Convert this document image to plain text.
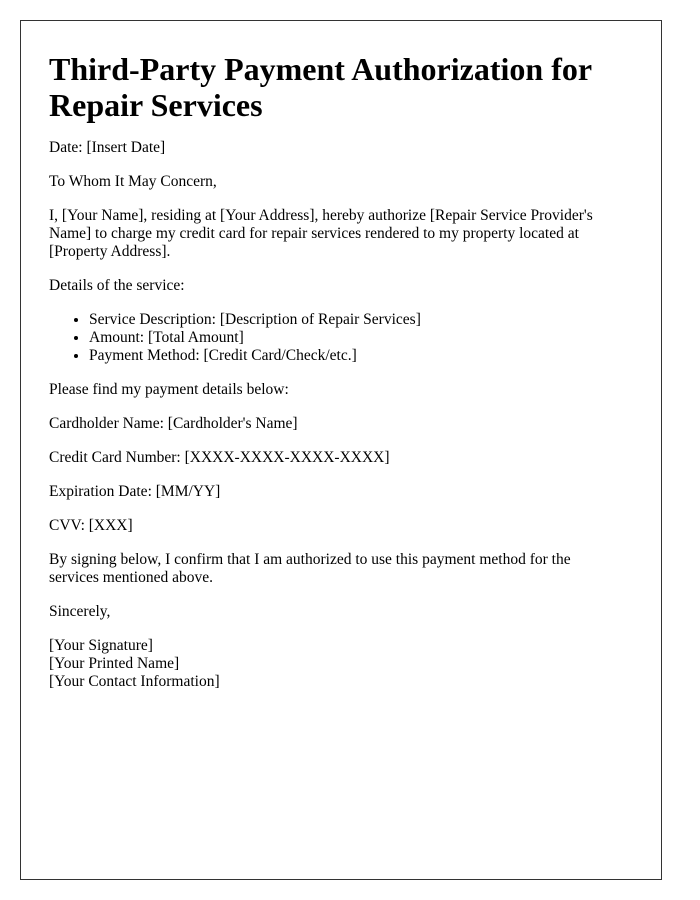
Third-Party Payment Authorization for Repair Services

Date: [Insert Date]

To Whom It May Concern,

I, [Your Name], residing at [Your Address], hereby authorize [Repair Service Provider's Name] to charge my credit card for repair services rendered to my property located at [Property Address].

Details of the service:

• Service Description: [Description of Repair Services]
• Amount: [Total Amount]
• Payment Method: [Credit Card/Check/etc.]

Please find my payment details below:

Cardholder Name: [Cardholder's Name]

Credit Card Number: [XXXX-XXXX-XXXX-XXXX]

Expiration Date: [MM/YY]

CVV: [XXX]

By signing below, I confirm that I am authorized to use this payment method for the services mentioned above.

Sincerely,

[Your Signature]
[Your Printed Name]
[Your Contact Information]
